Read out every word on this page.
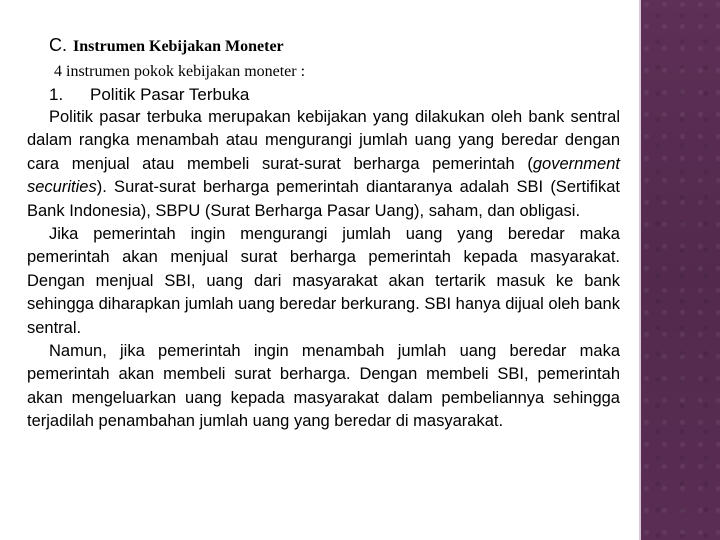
C. Instrumen Kebijakan Moneter
4 instrumen pokok kebijakan moneter :
1. Politik Pasar Terbuka

Politik pasar terbuka merupakan kebijakan yang dilakukan oleh bank sentral dalam rangka menambah atau mengurangi jumlah uang yang beredar dengan cara menjual atau membeli surat-surat berharga pemerintah (government securities). Surat-surat berharga pemerintah diantaranya adalah SBI (Sertifikat Bank Indonesia), SBPU (Surat Berharga Pasar Uang), saham, dan obligasi.

Jika pemerintah ingin mengurangi jumlah uang yang beredar maka pemerintah akan menjual surat berharga pemerintah kepada masyarakat. Dengan menjual SBI, uang dari masyarakat akan tertarik masuk ke bank sehingga diharapkan jumlah uang beredar berkurang. SBI hanya dijual oleh bank sentral.

Namun, jika pemerintah ingin menambah jumlah uang beredar maka pemerintah akan membeli surat berharga. Dengan membeli SBI, pemerintah akan mengeluarkan uang kepada masyarakat dalam pembeliannya sehingga terjadilah penambahan jumlah uang yang beredar di masyarakat.
